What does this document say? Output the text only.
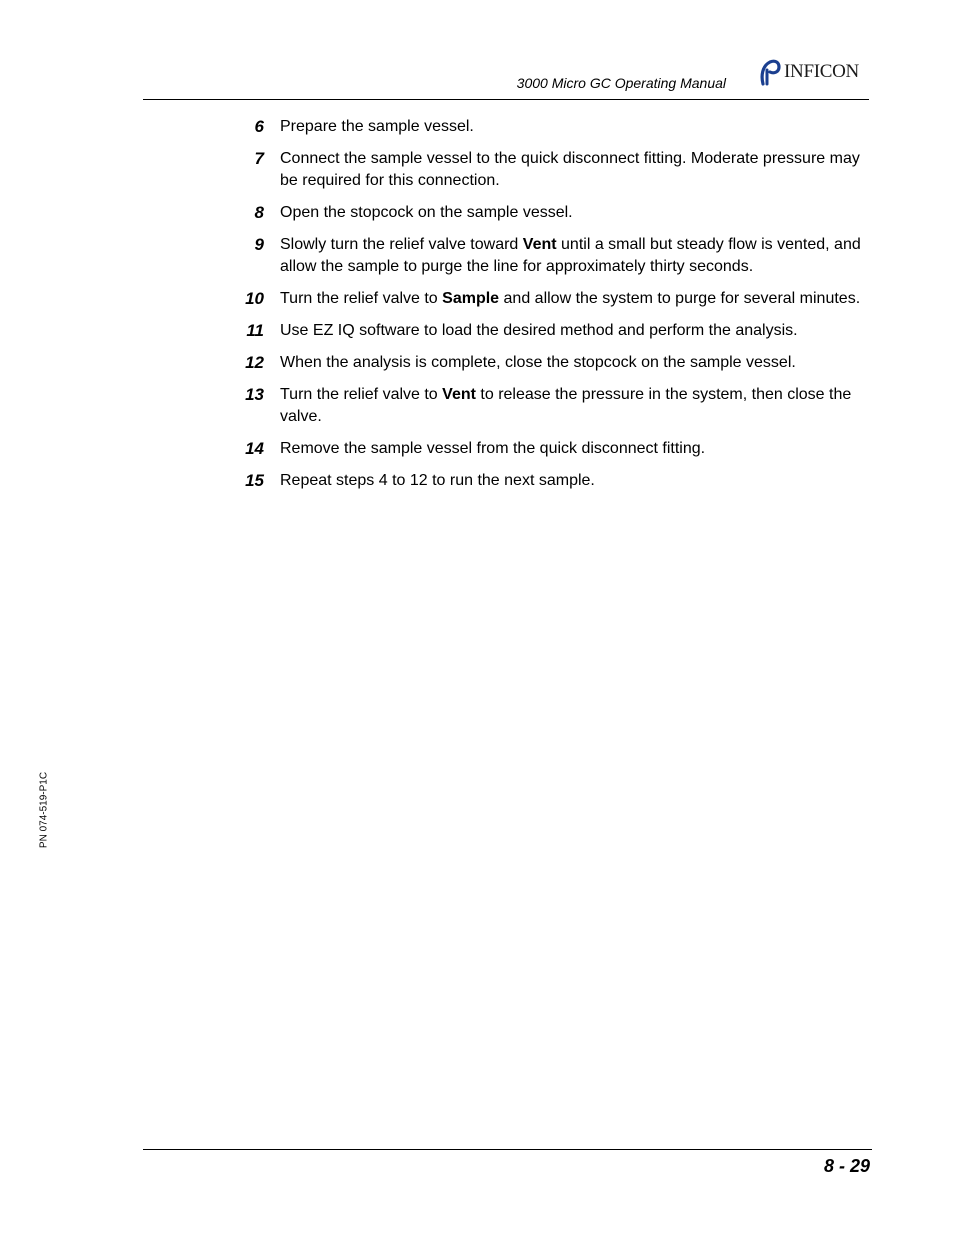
3000 Micro GC Operating Manual
INFICON
6 Prepare the sample vessel.
7 Connect the sample vessel to the quick disconnect fitting. Moderate pressure may be required for this connection.
8 Open the stopcock on the sample vessel.
9 Slowly turn the relief valve toward Vent until a small but steady flow is vented, and allow the sample to purge the line for approximately thirty seconds.
10 Turn the relief valve to Sample and allow the system to purge for several minutes.
11 Use EZ IQ software to load the desired method and perform the analysis.
12 When the analysis is complete, close the stopcock on the sample vessel.
13 Turn the relief valve to Vent to release the pressure in the system, then close the valve.
14 Remove the sample vessel from the quick disconnect fitting.
15 Repeat steps 4 to 12 to run the next sample.
8 - 29
PN 074-519-P1C
